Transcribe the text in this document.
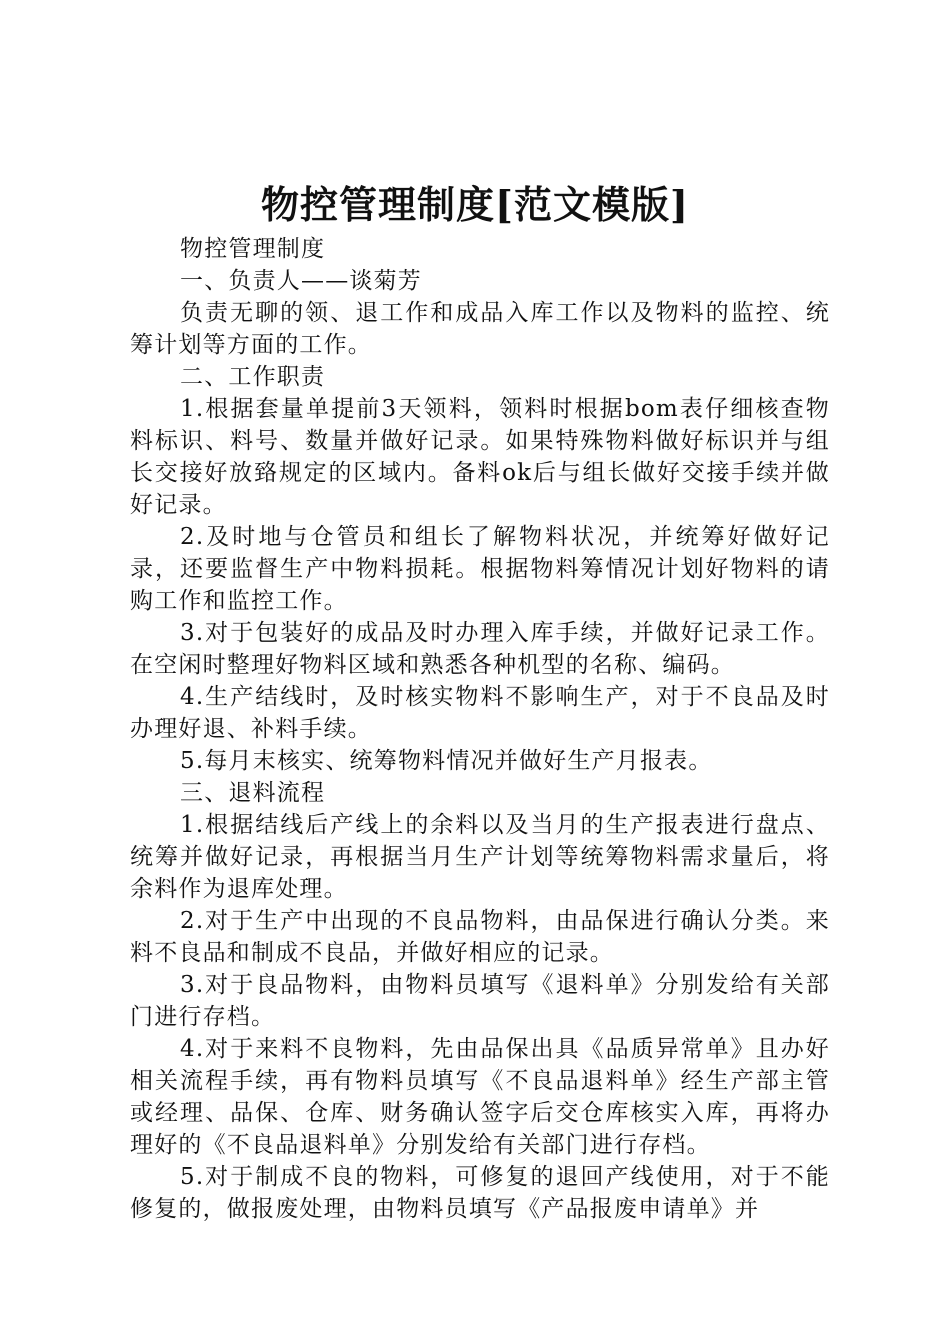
物控管理制度[范文模版]

物控管理制度

一、负责人——谈菊芳

负责无聊的领、退工作和成品入库工作以及物料的监控、统筹计划等方面的工作。

二、工作职责

1.根据套量单提前3天领料，领料时根据bom表仔细核查物料标识、料号、数量并做好记录。如果特殊物料做好标识并与组长交接好放臵规定的区域内。备料ok后与组长做好交接手续并做好记录。

2.及时地与仓管员和组长了解物料状况，并统筹好做好记录，还要监督生产中物料损耗。根据物料筹情况计划好物料的请购工作和监控工作。

3.对于包装好的成品及时办理入库手续，并做好记录工作。在空闲时整理好物料区域和熟悉各种机型的名称、编码。

4.生产结线时，及时核实物料不影响生产，对于不良品及时办理好退、补料手续。

5.每月末核实、统筹物料情况并做好生产月报表。

三、退料流程

1.根据结线后产线上的余料以及当月的生产报表进行盘点、统筹并做好记录，再根据当月生产计划等统筹物料需求量后，将余料作为退库处理。

2.对于生产中出现的不良品物料，由品保进行确认分类。来料不良品和制成不良品，并做好相应的记录。

3.对于良品物料，由物料员填写《退料单》分别发给有关部门进行存档。

4.对于来料不良物料，先由品保出具《品质异常单》且办好相关流程手续，再有物料员填写《不良品退料单》经生产部主管或经理、品保、仓库、财务确认签字后交仓库核实入库，再将办理好的《不良品退料单》分别发给有关部门进行存档。

5.对于制成不良的物料，可修复的退回产线使用，对于不能修复的，做报废处理，由物料员填写《产品报废申请单》并
